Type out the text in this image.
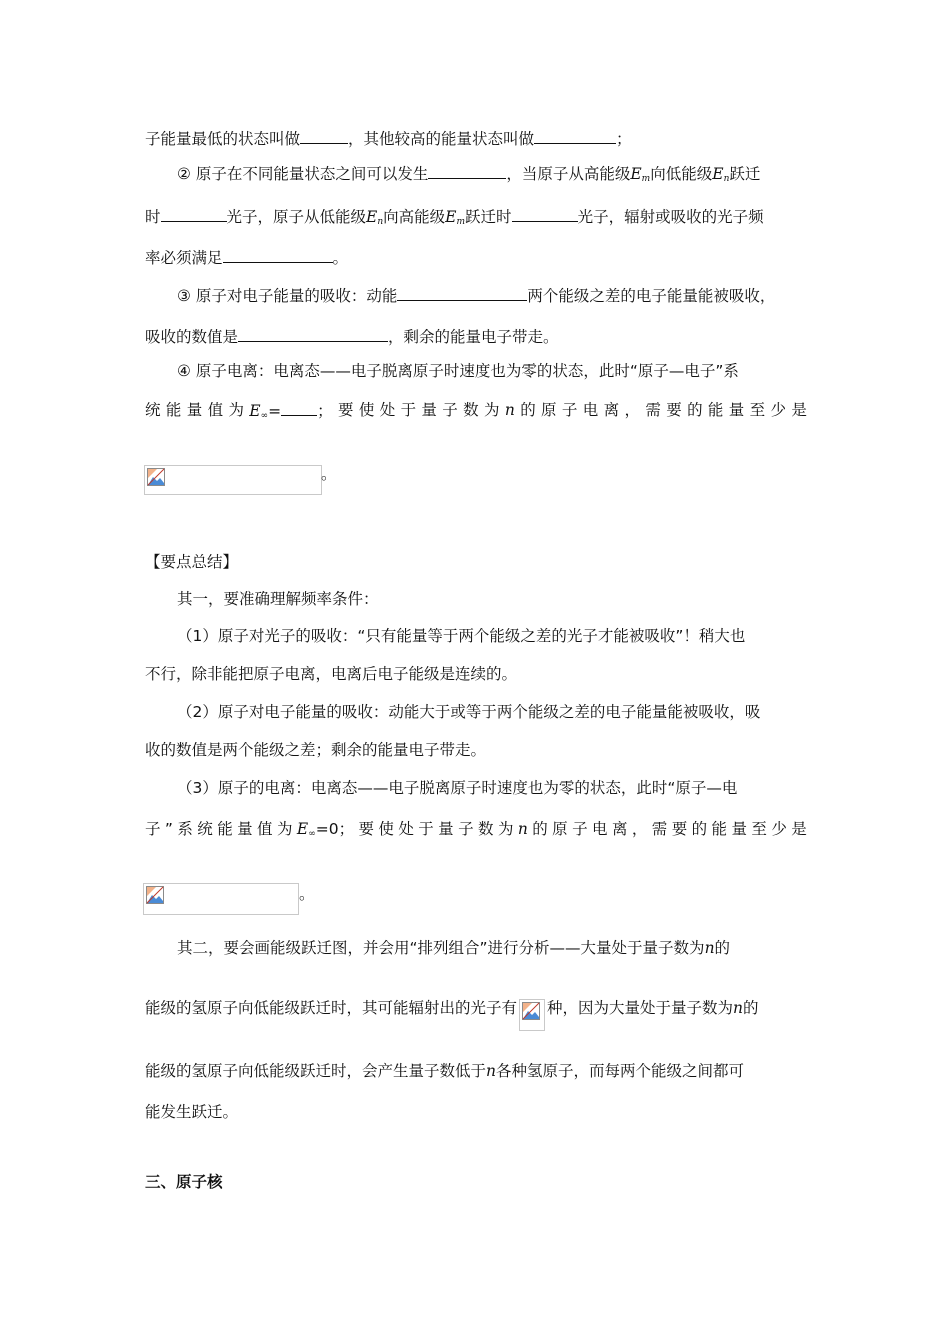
子能量最低的状态叫做	，其他较高的能量状态叫做	；
② 原子在不同能量状态之间可以发生	，当原子从高能级$E_m$向低能级$E_n$跃迁
时	光子，原子从低能级$E_n$向高能级$E_m$跃迁时	光子，辐射或吸收的光子频
率必须满足	。
③ 原子对电子能量的吸收：动能	两个能级之差的电子能量能被吸收，
吸收的数值是	，剩余的能量电子带走。
④ 原子电离：电离态——电子脱离原子时速度也为零的状态，此时“原子—电子”系
统 能 量 值 为 $E_\infty=$ ； 要 使 处 于 量 子 数 为 n 的 原 子 电 离 ， 需 要 的 能 量 至 少 是
。
【要点总结】
其一，要准确理解频率条件：
（1）原子对光子的吸收：“只有能量等于两个能级之差的光子才能被吸收”！稍大也
不行，除非能把原子电离，电离后电子能级是连续的。
（2）原子对电子能量的吸收：动能大于或等于两个能级之差的电子能量能被吸收，吸
收的数值是两个能级之差；剩余的能量电子带走。
（3）原子的电离：电离态——电子脱离原子时速度也为零的状态，此时“原子—电
子 ” 系 统 能 量 值 为 $E_\infty=0$； 要 使 处 于 量 子 数 为 n 的 原 子 电 离 ， 需 要 的 能 量 至 少 是
。
其二，要会画能级跃迁图，并会用“排列组合”进行分析——大量处于量子数为n的
能级的氢原子向低能级跃迁时，其可能辐射出的光子有 种，因为大量处于量子数为n的
能级的氢原子向低能级跃迁时，会产生量子数低于n各种氢原子，而每两个能级之间都可
能发生跃迁。
三、原子核
